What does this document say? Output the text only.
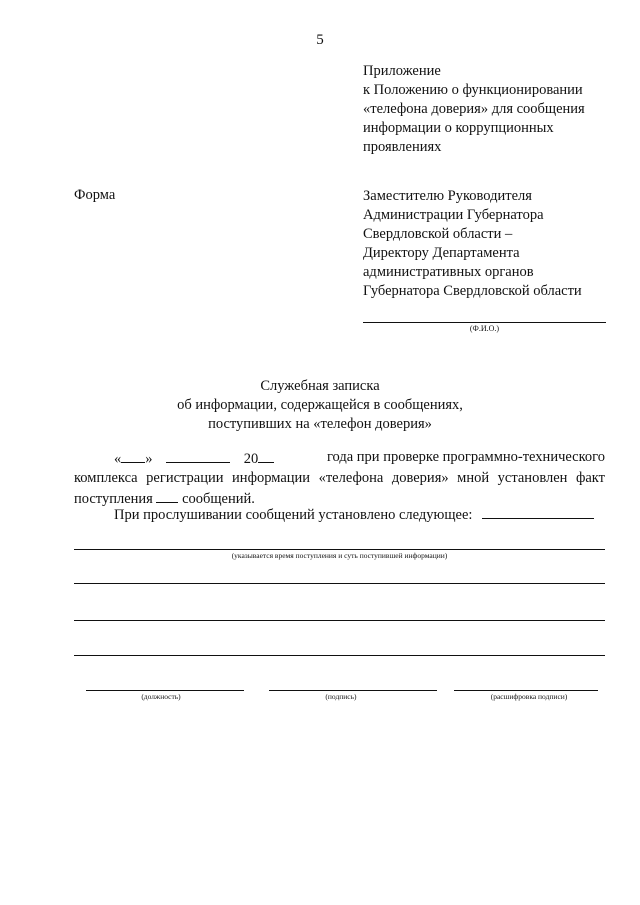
5
Приложение
к Положению о функционировании
«телефона доверия» для сообщения
информации о коррупционных
проявлениях
Форма	Заместителю Руководителя
Администрации Губернатора
Свердловской области –
Директору Департамента
административных органов
Губернатора Свердловской области
(Ф.И.О.)
Служебная записка
об информации, содержащейся в сообщениях,
поступивших на «телефон доверия»
« »	20	года при проверке программно-технического
комплекса регистрации информации «телефона доверия» мной установлен факт
поступления сообщений.
При прослушивании сообщений установлено следующее:
(указывается время поступления и суть поступившей информации)
(должность)	(подпись)	(расшифровка подписи)
